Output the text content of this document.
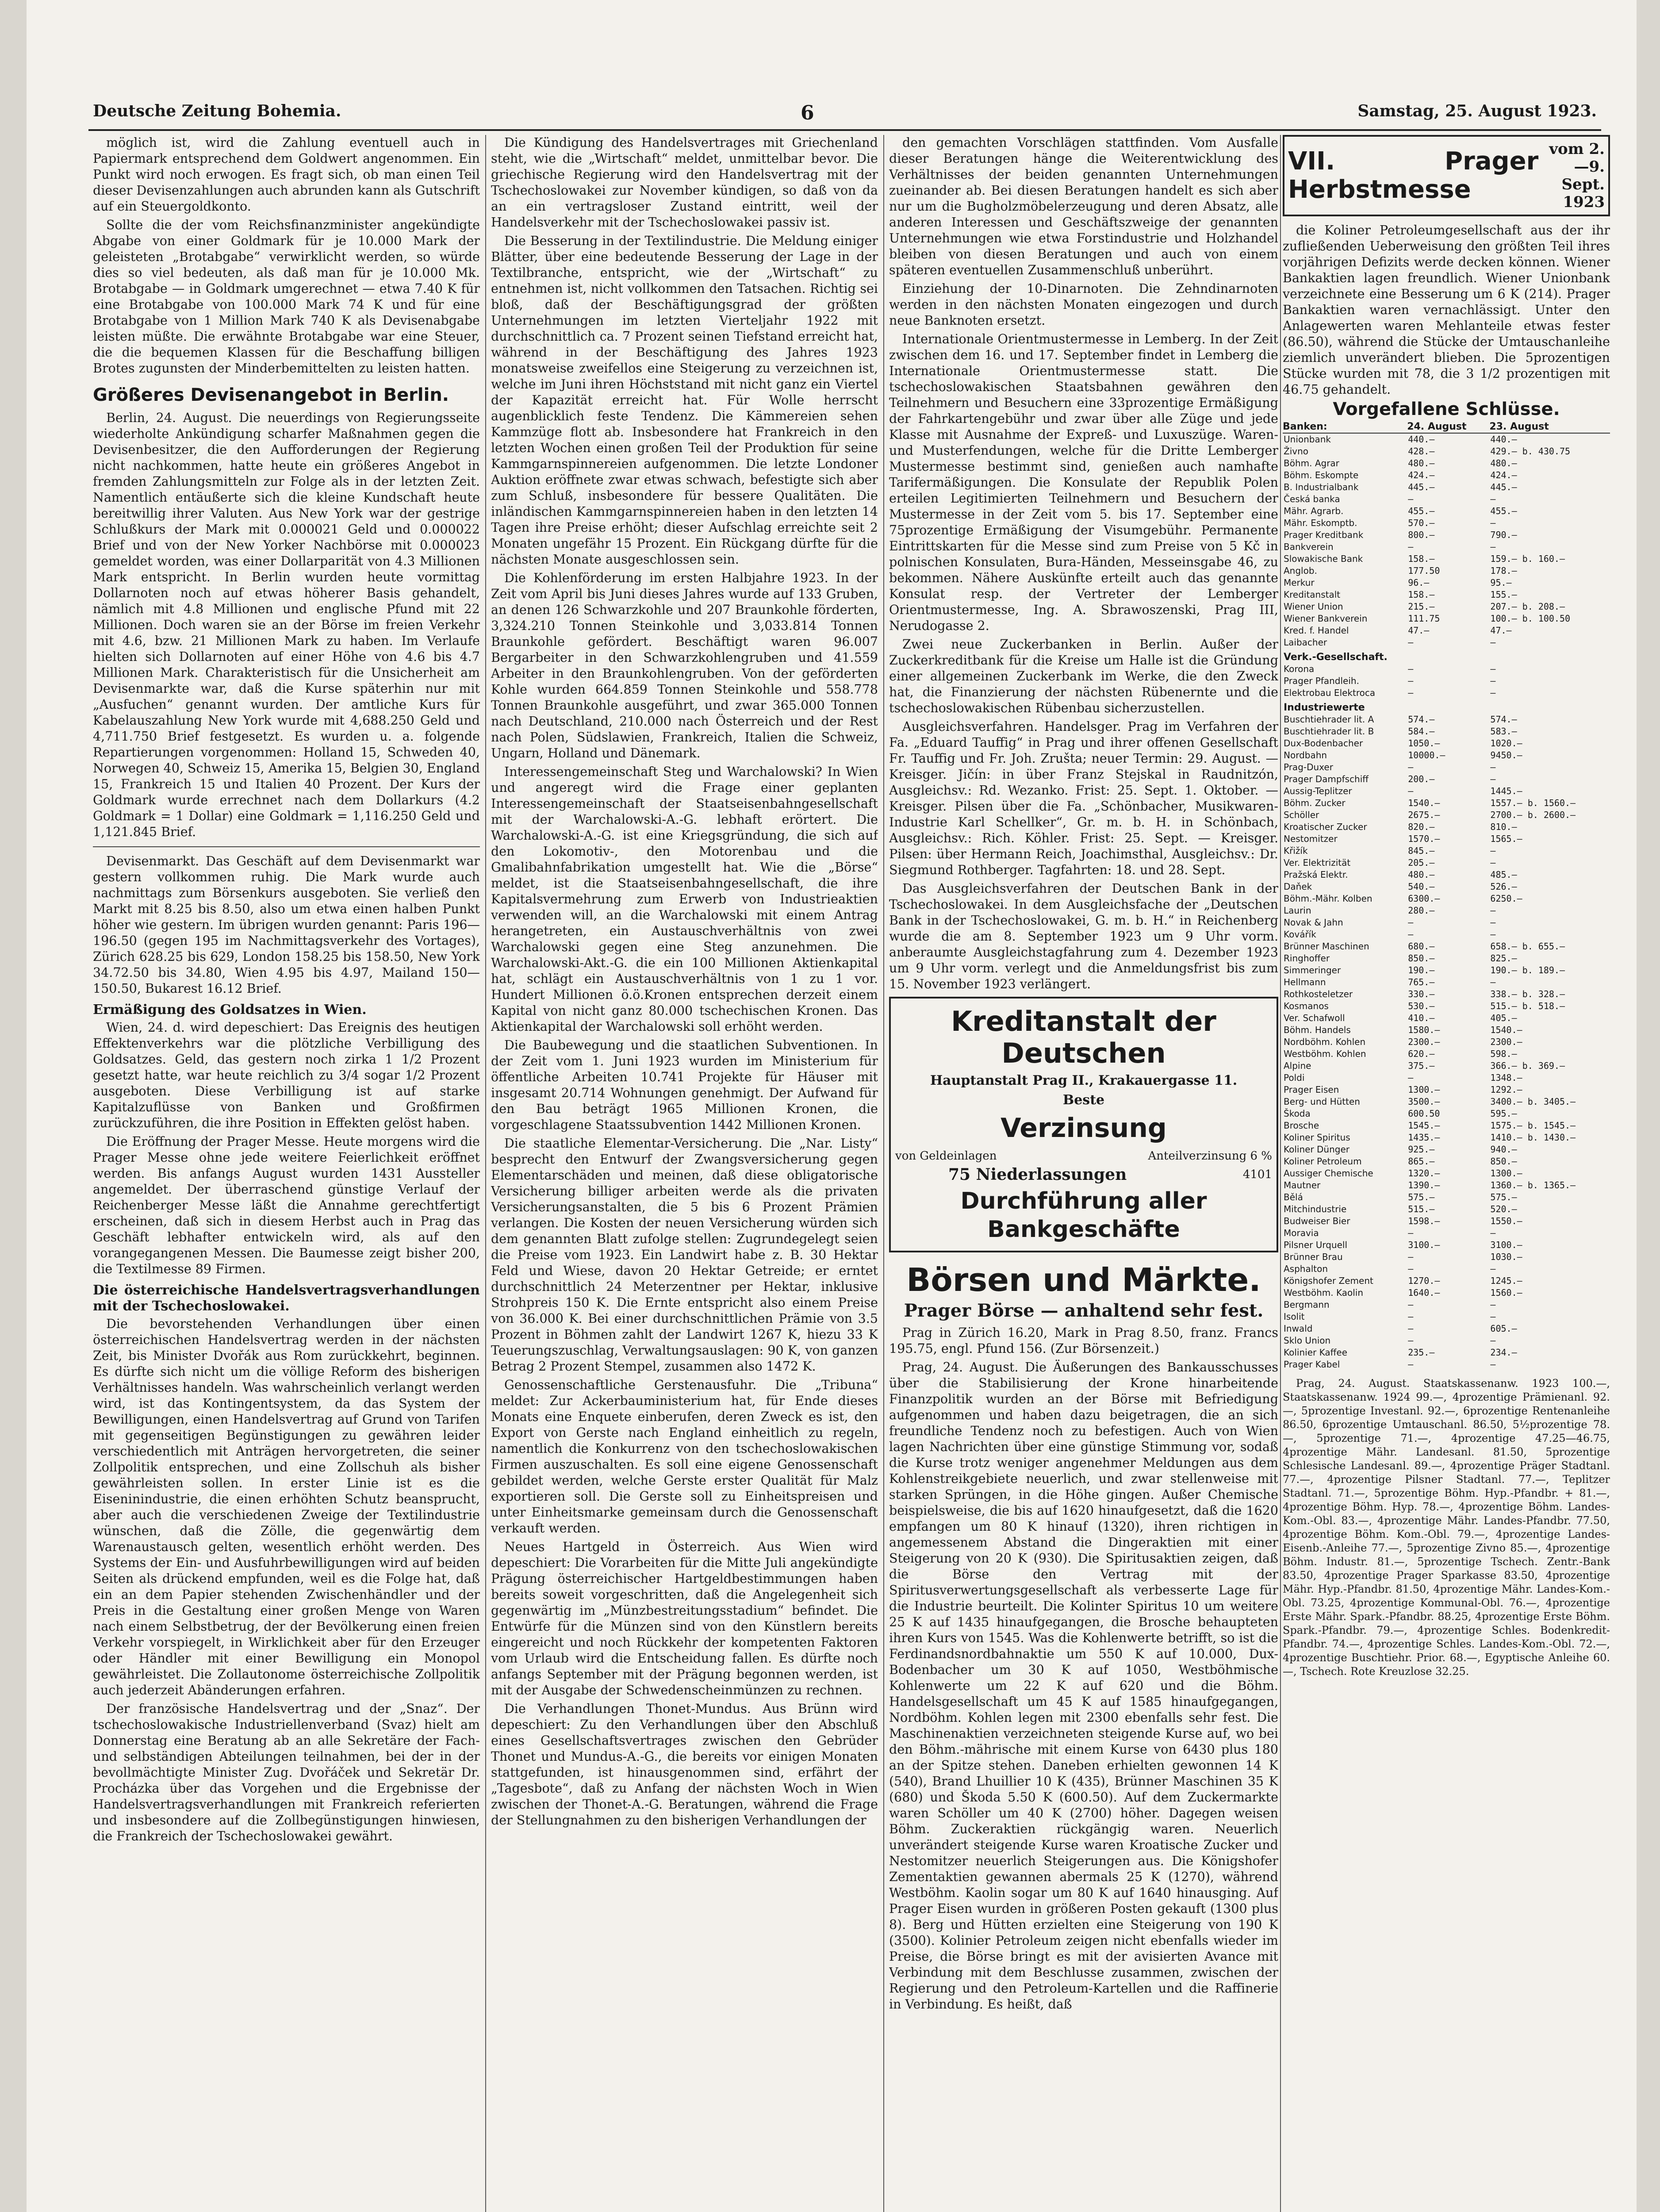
Deutsche Zeitung Bohemia.	6	Samstag, 25. August 1923.

möglich ist, wird die Zahlung eventuell auch in Papiermark entsprechend dem Goldwert angenommen. Ein Punkt wird noch erwogen. Es fragt sich, ob man einen Teil dieser Devisenzahlungen auch abrunden kann als Gutschrift auf ein Steuergoldkonto.

Sollte die der vom Reichsfinanzminister angekündigte Abgabe von einer Goldmark für je 10.000 Mark der geleisteten „Brotabgabe“ verwirklicht werden, so würde dies so viel bedeuten, als daß man für je 10.000 Mk. Brotabgabe — in Goldmark umgerechnet — etwa 7.40 K für eine Brotabgabe von 100.000 Mark 74 K und für eine Brotabgabe von 1 Million Mark 740 K als Devisenabgabe leisten müßte. Die erwähnte Brotabgabe war eine Steuer, die die bequemen Klassen für die Beschaffung billigen Brotes zugunsten der Minderbemittelten zu leisten hatten.

Größeres Devisenangebot in Berlin.

Berlin, 24. August. Die neuerdings von Regierungsseite wiederholte Ankündigung scharfer Maßnahmen gegen die Devisenbesitzer, die den Aufforderungen der Regierung nicht nachkommen, hatte heute ein größeres Angebot in fremden Zahlungsmitteln zur Folge als in der letzten Zeit. Namentlich entäußerte sich die kleine Kundschaft heute bereitwillig ihrer Valuten. Aus New York war der gestrige Schlußkurs der Mark mit 0.000021 Geld und 0.000022 Brief und von der New Yorker Nachbörse mit 0.000023 gemeldet worden, was einer Dollarparität von 4.3 Millionen Mark entspricht. In Berlin wurden heute vormittag Dollarnoten noch auf etwas höherer Basis gehandelt, nämlich mit 4.8 Millionen und englische Pfund mit 22 Millionen. Doch waren sie an der Börse im freien Verkehr mit 4.6, bzw. 21 Millionen Mark zu haben. Im Verlaufe hielten sich Dollarnoten auf einer Höhe von 4.6 bis 4.7 Millionen Mark. Charakteristisch für die Unsicherheit am Devisenmarkte war, daß die Kurse späterhin nur mit „Ausfuchen“ genannt wurden. Der amtliche Kurs für Kabelauszahlung New York wurde mit 4,688.250 Geld und 4,711.750 Brief festgesetzt. Es wurden u. a. folgende Repartierungen vorgenommen: Holland 15, Schweden 40, Norwegen 40, Schweiz 15, Amerika 15, Belgien 30, England 15, Frankreich 15 und Italien 40 Prozent. Der Kurs der Goldmark wurde errechnet nach dem Dollarkurs (4.2 Goldmark = 1 Dollar) eine Goldmark = 1,116.250 Geld und 1,121.845 Brief.

Devisenmarkt. Das Geschäft auf dem Devisenmarkt war gestern vollkommen ruhig. Die Mark wurde auch nachmittags zum Börsenkurs ausgeboten. Sie verließ den Markt mit 8.25 bis 8.50, also um etwa einen halben Punkt höher wie gestern. Im übrigen wurden genannt: Paris 196—196.50 (gegen 195 im Nachmittagsverkehr des Vortages), Zürich 628.25 bis 629, London 158.25 bis 158.50, New York 34.72.50 bis 34.80, Wien 4.95 bis 4.97, Mailand 150—150.50, Bukarest 16.12 Brief.

Ermäßigung des Goldsatzes in Wien.

Wien, 24. d. wird depeschiert: Das Ereignis des heutigen Effektenverkehrs war die plötzliche Verbilligung des Goldsatzes. Geld, das gestern noch zirka 1 1/2 Prozent gesetzt hatte, war heute reichlich zu 3/4 sogar 1/2 Prozent ausgeboten. Diese Verbilligung ist auf starke Kapitalzuflüsse von Banken und Großfirmen zurückzuführen, die ihre Position in Effekten gelöst haben.

Die Eröffnung der Prager Messe. Heute morgens wird die Prager Messe ohne jede weitere Feierlichkeit eröffnet werden. Bis anfangs August wurden 1431 Aussteller angemeldet. Der überraschend günstige Verlauf der Reichenberger Messe läßt die Annahme gerechtfertigt erscheinen, daß sich in diesem Herbst auch in Prag das Geschäft lebhafter entwickeln wird, als auf den vorangegangenen Messen. Die Baumesse zeigt bisher 200, die Textilmesse 89 Firmen.

Die österreichische Handelsvertragsverhandlungen mit der Tschechoslowakei.

Die bevorstehenden Verhandlungen über einen österreichischen Handelsvertrag werden in der nächsten Zeit, bis Minister Dvořák aus Rom zurückkehrt, beginnen. Es dürfte sich nicht um die völlige Reform des bisherigen Verhältnisses handeln. Was wahrscheinlich verlangt werden wird, ist das Kontingentsystem, da das System der Bewilligungen, einen Handelsvertrag auf Grund von Tarifen mit gegenseitigen Begünstigungen zu gewähren leider verschiedentlich mit Anträgen hervorgetreten, die seiner Zollpolitik entsprechen, und eine Zollschuh als bisher gewährleisten sollen. In erster Linie ist es die Eiseninindustrie, die einen erhöhten Schutz beansprucht, aber auch die verschiedenen Zweige der Textilindustrie wünschen, daß die Zölle, die gegenwärtig dem Warenaustausch gelten, wesentlich erhöht werden. Des Systems der Ein- und Ausfuhrbewilligungen wird auf beiden Seiten als drückend empfunden, weil es die Folge hat, daß ein an dem Papier stehenden Zwischenhändler und der Preis in die Gestaltung einer großen Menge von Waren nach einem Selbstbetrug, der der Bevölkerung einen freien Verkehr vorspiegelt, in Wirklichkeit aber für den Erzeuger oder Händler mit einer Bewilligung ein Monopol gewährleistet. Die Zollautonome österreichische Zollpolitik auch jederzeit Abänderungen erfahren.

Der französische Handelsvertrag und der „Snaz“. Der tschechoslowakische Industriellenverband (Svaz) hielt am Donnerstag eine Beratung ab an alle Sekretäre der Fach- und selbständigen Abteilungen teilnahmen, bei der in der bevollmächtigte Minister Zug. Dvořáček und Sekretär Dr. Procházka über das Vorgehen und die Ergebnisse der Handelsvertragsverhandlungen mit Frankreich referierten und insbesondere auf die Zollbegünstigungen hinwiesen, die Frankreich der Tschechoslowakei gewährt.

Die Kündigung des Handelsvertrages mit Griechenland steht, wie die „Wirtschaft“ meldet, unmittelbar bevor. Die griechische Regierung wird den Handelsvertrag mit der Tschechoslowakei zur November kündigen, so daß von da an ein vertragsloser Zustand eintritt, weil der Handelsverkehr mit der Tschechoslowakei passiv ist.

Die Besserung in der Textilindustrie. Die Meldung einiger Blätter, über eine bedeutende Besserung der Lage in der Textilbranche, entspricht, wie der „Wirtschaft“ zu entnehmen ist, nicht vollkommen den Tatsachen. Richtig sei bloß, daß der Beschäftigungsgrad der größten Unternehmungen im letzten Vierteljahr 1922 mit durchschnittlich ca. 7 Prozent seinen Tiefstand erreicht hat, während in der Beschäftigung des Jahres 1923 monatsweise zweifellos eine Steigerung zu verzeichnen ist, welche im Juni ihren Höchststand mit nicht ganz ein Viertel der Kapazität erreicht hat. Für Wolle herrscht augenblicklich feste Tendenz. Die Kämmereien sehen Kammzüge flott ab. Insbesondere hat Frankreich in den letzten Wochen einen großen Teil der Produktion für seine Kammgarnspinnereien aufgenommen. Die letzte Londoner Auktion eröffnete zwar etwas schwach, befestigte sich aber zum Schluß, insbesondere für bessere Qualitäten. Die inländischen Kammgarnspinnereien haben in den letzten 14 Tagen ihre Preise erhöht; dieser Aufschlag erreichte seit 2 Monaten ungefähr 15 Prozent. Ein Rückgang dürfte für die nächsten Monate ausgeschlossen sein.

Die Kohlenförderung im ersten Halbjahre 1923. In der Zeit vom April bis Juni dieses Jahres wurde auf 133 Gruben, an denen 126 Schwarzkohle und 207 Braunkohle förderten, 3,324.210 Tonnen Steinkohle und 3,033.814 Tonnen Braunkohle gefördert. Beschäftigt waren 96.007 Bergarbeiter in den Schwarzkohlengruben und 41.559 Arbeiter in den Braunkohlengruben. Von der geförderten Kohle wurden 664.859 Tonnen Steinkohle und 558.778 Tonnen Braunkohle ausgeführt, und zwar 365.000 Tonnen nach Deutschland, 210.000 nach Österreich und der Rest nach Polen, Südslawien, Frankreich, Italien die Schweiz, Ungarn, Holland und Dänemark.

Interessengemeinschaft Steg und Warchalowski? In Wien und angeregt wird die Frage einer geplanten Interessengemeinschaft der Staatseisenbahngesellschaft mit der Warchalowski-A.-G. lebhaft erörtert. Die Warchalowski-A.-G. ist eine Kriegsgründung, die sich auf den Lokomotiv-, den Motorenbau und die Gmalibahnfabrikation umgestellt hat. Wie die „Börse“ meldet, ist die Staatseisenbahngesellschaft, die ihre Kapitalsvermehrung zum Erwerb von Industrieaktien verwenden will, an die Warchalowski mit einem Antrag herangetreten, ein Austauschverhältnis von zwei Warchalowski gegen eine Steg anzunehmen. Die Warchalowski-Akt.-G. die ein 100 Millionen Aktienkapital hat, schlägt ein Austauschverhältnis von 1 zu 1 vor. Hundert Millionen ö.ö.Kronen entsprechen derzeit einem Kapital von nicht ganz 80.000 tschechischen Kronen. Das Aktienkapital der Warchalowski soll erhöht werden.

Die Baubewegung und die staatlichen Subventionen. In der Zeit vom 1. Juni 1923 wurden im Ministerium für öffentliche Arbeiten 10.741 Projekte für Häuser mit insgesamt 20.714 Wohnungen genehmigt. Der Aufwand für den Bau beträgt 1965 Millionen Kronen, die vorgeschlagene Staatssubvention 1442 Millionen Kronen.

Die staatliche Elementar-Versicherung. Die „Nar. Listy“ besprecht den Entwurf der Zwangsversicherung gegen Elementarschäden und meinen, daß diese obligatorische Versicherung billiger arbeiten werde als die privaten Versicherungsanstalten, die 5 bis 6 Prozent Prämien verlangen. Die Kosten der neuen Versicherung würden sich dem genannten Blatt zufolge stellen: Zugrundegelegt seien die Preise vom 1923. Ein Landwirt habe z. B. 30 Hektar Feld und Wiese, davon 20 Hektar Getreide; er erntet durchschnittlich 24 Meterzentner per Hektar, inklusive Strohpreis 150 K. Die Ernte entspricht also einem Preise von 36.000 K. Bei einer durchschnittlichen Prämie von 3.5 Prozent in Böhmen zahlt der Landwirt 1267 K, hiezu 33 K Teuerungszuschlag, Verwaltungsauslagen: 90 K, von ganzen Betrag 2 Prozent Stempel, zusammen also 1472 K.

Genossenschaftliche Gerstenausfuhr. Die „Tribuna“ meldet: Zur Ackerbauministerium hat, für Ende dieses Monats eine Enquete einberufen, deren Zweck es ist, den Export von Gerste nach England einheitlich zu regeln, namentlich die Konkurrenz von den tschechoslowakischen Firmen auszuschalten. Es soll eine eigene Genossenschaft gebildet werden, welche Gerste erster Qualität für Malz exportieren soll. Die Gerste soll zu Einheitspreisen und unter Einheitsmarke gemeinsam durch die Genossenschaft verkauft werden.

Neues Hartgeld in Österreich. Aus Wien wird depeschiert: Die Vorarbeiten für die Mitte Juli angekündigte Prägung österreichischer Hartgeldbestimmungen haben bereits soweit vorgeschritten, daß die Angelegenheit sich gegenwärtig im „Münzbestreitungsstadium“ befindet. Die Entwürfe für die Münzen sind von den Künstlern bereits eingereicht und noch Rückkehr der kompetenten Faktoren vom Urlaub wird die Entscheidung fallen. Es dürfte noch anfangs September mit der Prägung begonnen werden, ist mit der Ausgabe der Schwedenscheinmünzen zu rechnen.

Die Verhandlungen Thonet-Mundus. Aus Brünn wird depeschiert: Zu den Verhandlungen über den Abschluß eines Gesellschaftsvertrages zwischen den Gebrüder Thonet und Mundus-A.-G., die bereits vor einigen Monaten stattgefunden, ist hinausgenommen sind, erfährt der „Tagesbote“, daß zu Anfang der nächsten Woch in Wien zwischen der Thonet-A.-G. Beratungen, während die Frage der Stellungnahmen zu den bisherigen Verhandlungen der

den gemachten Vorschlägen stattfinden. Vom Ausfalle dieser Beratungen hänge die Weiterentwicklung des Verhältnisses der beiden genannten Unternehmungen zueinander ab. Bei diesen Beratungen handelt es sich aber nur um die Bugholzmöbelerzeugung und deren Absatz, alle anderen Interessen und Geschäftszweige der genannten Unternehmungen wie etwa Forstindustrie und Holzhandel bleiben von diesen Beratungen und auch von einem späteren eventuellen Zusammenschluß unberührt.

Einziehung der 10-Dinarnoten. Die Zehndinarnoten werden in den nächsten Monaten eingezogen und durch neue Banknoten ersetzt.

Internationale Orientmustermesse in Lemberg. In der Zeit zwischen dem 16. und 17. September findet in Lemberg die Internationale Orientmustermesse statt. Die tschechoslowakischen Staatsbahnen gewähren den Teilnehmern und Besuchern eine 33prozentige Ermäßigung der Fahrkartengebühr und zwar über alle Züge und jede Klasse mit Ausnahme der Expreß- und Luxuszüge. Waren- und Musterfendungen, welche für die Dritte Lemberger Mustermesse bestimmt sind, genießen auch namhafte Tarifermäßigungen. Die Konsulate der Republik Polen erteilen Legitimierten Teilnehmern und Besuchern der Mustermesse in der Zeit vom 5. bis 17. September eine 75prozentige Ermäßigung der Visumgebühr. Permanente Eintrittskarten für die Messe sind zum Preise von 5 Kč in polnischen Konsulaten, Bura-Händen, Messeinsgabe 46, zu bekommen. Nähere Auskünfte erteilt auch das genannte Konsulat resp. der Vertreter der Lemberger Orientmustermesse, Ing. A. Sbrawoszenski, Prag III, Nerudogasse 2.

Zwei neue Zuckerbanken in Berlin. Außer der Zuckerkreditbank für die Kreise um Halle ist die Gründung einer allgemeinen Zuckerbank im Werke, die den Zweck hat, die Finanzierung der nächsten Rübenernte und die tschechoslowakischen Rübenbau sicherzustellen.

Ausgleichsverfahren. Handelsger. Prag im Verfahren der Fa. „Eduard Tauffig“ in Prag und ihrer offenen Gesellschaft Fr. Tauffig und Fr. Joh. Zrušta; neuer Termin: 29. August. — Kreisger. Jičín: in über Franz Stejskal in Raudnitzón, Ausgleichsv.: Rd. Wezanko. Frist: 25. Sept. 1. Oktober. — Kreisger. Pilsen über die Fa. „Schönbacher, Musikwaren-Industrie Karl Schellker“, Gr. m. b. H. in Schönbach, Ausgleichsv.: Rich. Köhler. Frist: 25. Sept. — Kreisger. Pilsen: über Hermann Reich, Joachimsthal, Ausgleichsv.: Dr. Siegmund Rothberger. Tagfahrten: 18. und 28. Sept.

Das Ausgleichsverfahren der Deutschen Bank in der Tschechoslowakei. In dem Ausgleichsfache der „Deutschen Bank in der Tschechoslowakei, G. m. b. H.“ in Reichenberg wurde die am 8. September 1923 um 9 Uhr vorm. anberaumte Ausgleichstagfahrung zum 4. Dezember 1923 um 9 Uhr vorm. verlegt und die Anmeldungsfrist bis zum 15. November 1923 verlängert.

Kreditanstalt der Deutschen
Hauptanstalt Prag II., Krakauergasse 11.
Beste
Verzinsung
von Geldeinlagen	Anteilverzinsung 6 %
75 Niederlassungen	4101
Durchführung aller Bankgeschäfte
Börsen und Märkte.
Prager Börse — anhaltend sehr fest.

Prag in Zürich 16.20, Mark in Prag 8.50, franz. Francs 195.75, engl. Pfund 156. (Zur Börsenzeit.)

Prag, 24. August. Die Äußerungen des Bankausschusses über die Stabilisierung der Krone hinarbeitende Finanzpolitik wurden an der Börse mit Befriedigung aufgenommen und haben dazu beigetragen, die an sich freundliche Tendenz noch zu befestigen. Auch von Wien lagen Nachrichten über eine günstige Stimmung vor, sodaß die Kurse trotz weniger angenehmer Meldungen aus dem Kohlenstreikgebiete neuerlich, und zwar stellenweise mit starken Sprüngen, in die Höhe gingen. Außer Chemische beispielsweise, die bis auf 1620 hinaufgesetzt, daß die 1620 empfangen um 80 K hinauf (1320), ihren richtigen in angemessenem Abstand die Dingeraktien mit einer Steigerung von 20 K (930). Die Spiritusaktien zeigen, daß die Börse den Vertrag mit der Spiritusverwertungsgesellschaft als verbesserte Lage für die Industrie beurteilt. Die Kolinter Spiritus 10 um weitere 25 K auf 1435 hinaufgegangen, die Brosche behaupteten ihren Kurs von 1545. Was die Kohlenwerte betrifft, so ist die Ferdinandsnordbahnaktie um 550 K auf 10.000, Dux-Bodenbacher um 30 K auf 1050, Westböhmische Kohlenwerte um 22 K auf 620 und die Böhm. Handelsgesellschaft um 45 K auf 1585 hinaufgegangen, Nordböhm. Kohlen legen mit 2300 ebenfalls sehr fest. Die Maschinenaktien verzeichneten steigende Kurse auf, wo bei den Böhm.-mährische mit einem Kurse von 6430 plus 180 an der Spitze stehen. Daneben erhielten gewonnen 14 K (540), Brand Lhuillier 10 K (435), Brünner Maschinen 35 K (680) und Škoda 5.50 K (600.50). Auf dem Zuckermarkte waren Schöller um 40 K (2700) höher. Dagegen weisen Böhm. Zuckeraktien rückgängig waren. Neuerlich unverändert steigende Kurse waren Kroatische Zucker und Nestomitzer neuerlich Steigerungen aus. Die Königshofer Zementaktien gewannen abermals 25 K (1270), während Westböhm. Kaolin sogar um 80 K auf 1640 hinausging. Auf Prager Eisen wurden in größeren Posten gekauft (1300 plus 8). Berg und Hütten erzielten eine Steigerung von 190 K (3500). Kolinier Petroleum zeigen nicht ebenfalls wieder im Preise, die Börse bringt es mit der avisierten Avance mit Verbindung mit dem Beschlusse zusammen, zwischen der Regierung und den Petroleum-Kartellen und die Raffinerie in Verbindung. Es heißt, daß

VII. Prager Herbstmesse
vom 2.—9.
Sept. 1923

die Koliner Petroleumgesellschaft aus der ihr zufließenden Ueberweisung den größten Teil ihres vorjährigen Defizits werde decken können. Wiener Bankaktien lagen freundlich. Wiener Unionbank verzeichnete eine Besserung um 6 K (214). Prager Bankaktien waren vernachlässigt. Unter den Anlagewerten waren Mehlanteile etwas fester (86.50), während die Stücke der Umtauschanleihe ziemlich unverändert blieben. Die 5prozentigen Stücke wurden mit 78, die 3 1/2 prozentigen mit 46.75 gehandelt.

Vorgefallene Schlüsse.
Banken:	24. August	23. August
Unionbank	440.—	440.—
Živno	428.—	429.— b. 430.75
Böhm. Agrar	480.—	480.—
Böhm. Eskompte	424.—	424.—
B. Industrialbank	445.—	445.—
Česká banka	—	—
Mähr. Agrarb.	455.—	455.—
Mähr. Eskomptb.	570.—	—
Prager Kreditbank	800.—	790.—
Bankverein	—	—
Slowakische Bank	158.—	159.— b. 160.—
Anglob.	177.50	178.—
Merkur	96.—	95.—
Kreditanstalt	158.—	155.—
Wiener Union	215.—	207.— b. 208.—
Wiener Bankverein	111.75	100.— b. 100.50
Kred. f. Handel	47.—	47.—
Laibacher	—	—
Verk.-Gesellschaft.		
Korona	—	—
Prager Pfandleih.	—	—
Elektrobau Elektroca	—	—
Industriewerte		
Buschtiehrader lit. A	574.—	574.—
Buschtiehrader lit. B	584.—	583.—
Dux-Bodenbacher	1050.—	1020.—
Nordbahn	10000.—	9450.—
Prag-Duxer	—	—
Prager Dampfschiff	200.—	—
Aussig-Teplitzer	—	1445.—
Böhm. Zucker	1540.—	1557.— b. 1560.—
Schöller	2675.—	2700.— b. 2600.—
Kroatischer Zucker	820.—	810.—
Nestomitzer	1570.—	1565.—
Křižík	845.—	—
Ver. Elektrizität	205.—	—
Pražská Elektr.	480.—	485.—
Daňek	540.—	526.—
Böhm.-Mähr. Kolben	6300.—	6250.—
Laurin	280.—	—
Novak & Jahn	—	—
Kovářík	—	—
Brünner Maschinen	680.—	658.— b. 655.—
Ringhoffer	850.—	825.—
Simmeringer	190.—	190.— b. 189.—
Hellmann	765.—	—
Rothkosteletzer	330.—	338.— b. 328.—
Kosmanos	530.—	515.— b. 518.—
Ver. Schafwoll	410.—	405.—
Böhm. Handels	1580.—	1540.—
Nordböhm. Kohlen	2300.—	2300.—
Westböhm. Kohlen	620.—	598.—
Alpine	375.—	366.— b. 369.—
Poldi	—	1348.—
Prager Eisen	1300.—	1292.—
Berg- und Hütten	3500.—	3400.— b. 3405.—
Škoda	600.50	595.—
Brosche	1545.—	1575.— b. 1545.—
Koliner Spiritus	1435.—	1410.— b. 1430.—
Koliner Dünger	925.—	940.—
Koliner Petroleum	865.—	850.—
Aussiger Chemische	1320.—	1300.—
Mautner	1390.—	1360.— b. 1365.—
Bělá	575.—	575.—
Mitchindustrie	515.—	520.—
Budweiser Bier	1598.—	1550.—
Moravia	—	—
Pilsner Urquell	3100.—	3100.—
Brünner Brau	—	1030.—
Asphalton	—	—
Königshofer Zement	1270.—	1245.—
Westböhm. Kaolin	1640.—	1560.—
Bergmann	—	—
Isolit	—	—
Inwald	—	605.—
Sklo Union	—	—
Kolinier Kaffee	235.—	234.—
Prager Kabel	—	—

Prag, 24. August. Staatskassenanw. 1923 100.—, Staatskassenanw. 1924 99.—, 4prozentige Prämienanl. 92.—, 5prozentige Investanl. 92.—, 6prozentige Rentenanleihe 86.50, 6prozentige Umtauschanl. 86.50, 5½prozentige 78.—, 5prozentige 71.—, 4prozentige 47.25—46.75, 4prozentige Mähr. Landesanl. 81.50, 5prozentige Schlesische Landesanl. 89.—, 4prozentige Präger Stadtanl. 77.—, 4prozentige Pilsner Stadtanl. 77.—, Teplitzer Stadtanl. 71.—, 5prozentige Böhm. Hyp.-Pfandbr. + 81.—, 4prozentige Böhm. Hyp. 78.—, 4prozentige Böhm. Landes-Kom.-Obl. 83.—, 4prozentige Mähr. Landes-Pfandbr. 77.50, 4prozentige Böhm. Kom.-Obl. 79.—, 4prozentige Landes-Eisenb.-Anleihe 77.—, 5prozentige Zivno 85.—, 4prozentige Böhm. Industr. 81.—, 5prozentige Tschech. Zentr.-Bank 83.50, 4prozentige Prager Sparkasse 83.50, 4prozentige Mähr. Hyp.-Pfandbr. 81.50, 4prozentige Mähr. Landes-Kom.-Obl. 73.25, 4prozentige Kommunal-Obl. 76.—, 4prozentige Erste Mähr. Spark.-Pfandbr. 88.25, 4prozentige Erste Böhm. Spark.-Pfandbr. 79.—, 4prozentige Schles. Bodenkredit-Pfandbr. 74.—, 4prozentige Schles. Landes-Kom.-Obl. 72.—, 4prozentige Buschtiehr. Prior. 68.—, Egyptische Anleihe 60.—, Tschech. Rote Kreuzlose 32.25.
